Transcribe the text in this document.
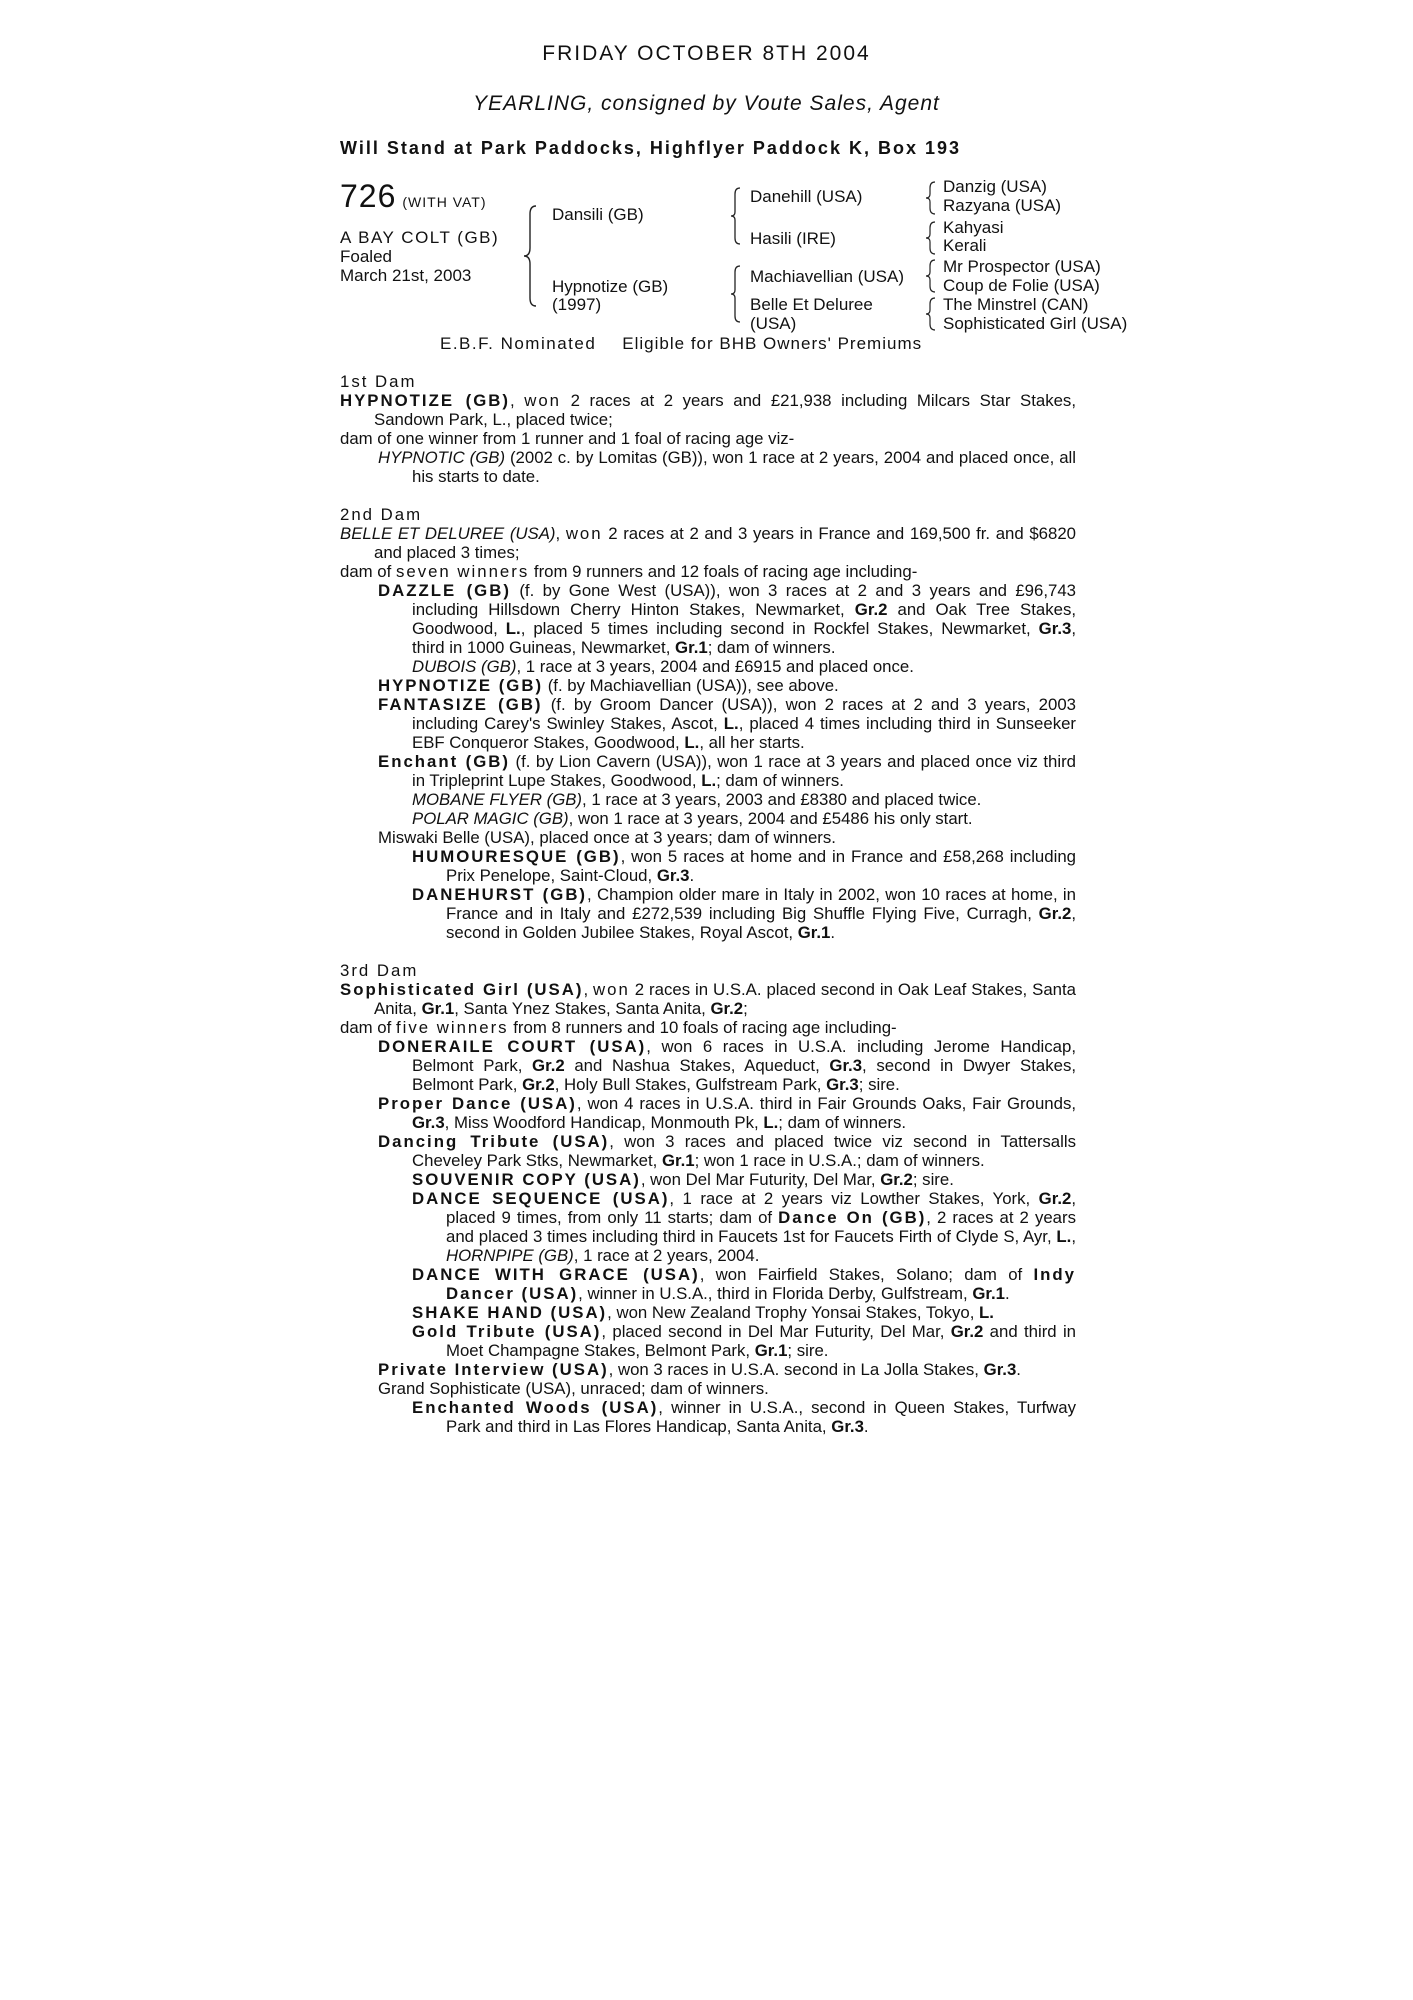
FRIDAY OCTOBER 8TH 2004
YEARLING, consigned by Voute Sales, Agent
Will Stand at Park Paddocks, Highflyer Paddock K, Box 193
726 (WITH VAT)
A BAY COLT (GB)
Foaled
March 21st, 2003
Dansili (GB)
Hypnotize (GB)
(1997)
Danehill (USA)
Hasili (IRE)
Machiavellian (USA)
Belle Et Deluree
(USA)
Danzig (USA)
Razyana (USA)
Kahyasi
Kerali
Mr Prospector (USA)
Coup de Folie (USA)
The Minstrel (CAN)
Sophisticated Girl (USA)
E.B.F. Nominated Eligible for BHB Owners' Premiums
1st Dam
HYPNOTIZE (GB), won 2 races at 2 years and £21,938 including Milcars Star Stakes, Sandown Park, L., placed twice;
dam of one winner from 1 runner and 1 foal of racing age viz-
HYPNOTIC (GB) (2002 c. by Lomitas (GB)), won 1 race at 2 years, 2004 and placed once, all his starts to date.
2nd Dam
BELLE ET DELUREE (USA), won 2 races at 2 and 3 years in France and 169,500 fr. and $6820 and placed 3 times;
dam of seven winners from 9 runners and 12 foals of racing age including-
DAZZLE (GB) (f. by Gone West (USA)), won 3 races at 2 and 3 years and £96,743 including Hillsdown Cherry Hinton Stakes, Newmarket, Gr.2 and Oak Tree Stakes, Goodwood, L., placed 5 times including second in Rockfel Stakes, Newmarket, Gr.3, third in 1000 Guineas, Newmarket, Gr.1; dam of winners.
DUBOIS (GB), 1 race at 3 years, 2004 and £6915 and placed once.
HYPNOTIZE (GB) (f. by Machiavellian (USA)), see above.
FANTASIZE (GB) (f. by Groom Dancer (USA)), won 2 races at 2 and 3 years, 2003 including Carey's Swinley Stakes, Ascot, L., placed 4 times including third in Sunseeker EBF Conqueror Stakes, Goodwood, L., all her starts.
Enchant (GB) (f. by Lion Cavern (USA)), won 1 race at 3 years and placed once viz third in Tripleprint Lupe Stakes, Goodwood, L.; dam of winners.
MOBANE FLYER (GB), 1 race at 3 years, 2003 and £8380 and placed twice.
POLAR MAGIC (GB), won 1 race at 3 years, 2004 and £5486 his only start.
Miswaki Belle (USA), placed once at 3 years; dam of winners.
HUMOURESQUE (GB), won 5 races at home and in France and £58,268 including Prix Penelope, Saint-Cloud, Gr.3.
DANEHURST (GB), Champion older mare in Italy in 2002, won 10 races at home, in France and in Italy and £272,539 including Big Shuffle Flying Five, Curragh, Gr.2, second in Golden Jubilee Stakes, Royal Ascot, Gr.1.
3rd Dam
Sophisticated Girl (USA), won 2 races in U.S.A. placed second in Oak Leaf Stakes, Santa Anita, Gr.1, Santa Ynez Stakes, Santa Anita, Gr.2;
dam of five winners from 8 runners and 10 foals of racing age including-
DONERAILE COURT (USA), won 6 races in U.S.A. including Jerome Handicap, Belmont Park, Gr.2 and Nashua Stakes, Aqueduct, Gr.3, second in Dwyer Stakes, Belmont Park, Gr.2, Holy Bull Stakes, Gulfstream Park, Gr.3; sire.
Proper Dance (USA), won 4 races in U.S.A. third in Fair Grounds Oaks, Fair Grounds, Gr.3, Miss Woodford Handicap, Monmouth Pk, L.; dam of winners.
Dancing Tribute (USA), won 3 races and placed twice viz second in Tattersalls Cheveley Park Stks, Newmarket, Gr.1; won 1 race in U.S.A.; dam of winners.
SOUVENIR COPY (USA), won Del Mar Futurity, Del Mar, Gr.2; sire.
DANCE SEQUENCE (USA), 1 race at 2 years viz Lowther Stakes, York, Gr.2, placed 9 times, from only 11 starts; dam of Dance On (GB), 2 races at 2 years and placed 3 times including third in Faucets 1st for Faucets Firth of Clyde S, Ayr, L., HORNPIPE (GB), 1 race at 2 years, 2004.
DANCE WITH GRACE (USA), won Fairfield Stakes, Solano; dam of Indy Dancer (USA), winner in U.S.A., third in Florida Derby, Gulfstream, Gr.1.
SHAKE HAND (USA), won New Zealand Trophy Yonsai Stakes, Tokyo, L.
Gold Tribute (USA), placed second in Del Mar Futurity, Del Mar, Gr.2 and third in Moet Champagne Stakes, Belmont Park, Gr.1; sire.
Private Interview (USA), won 3 races in U.S.A. second in La Jolla Stakes, Gr.3.
Grand Sophisticate (USA), unraced; dam of winners.
Enchanted Woods (USA), winner in U.S.A., second in Queen Stakes, Turfway Park and third in Las Flores Handicap, Santa Anita, Gr.3.
